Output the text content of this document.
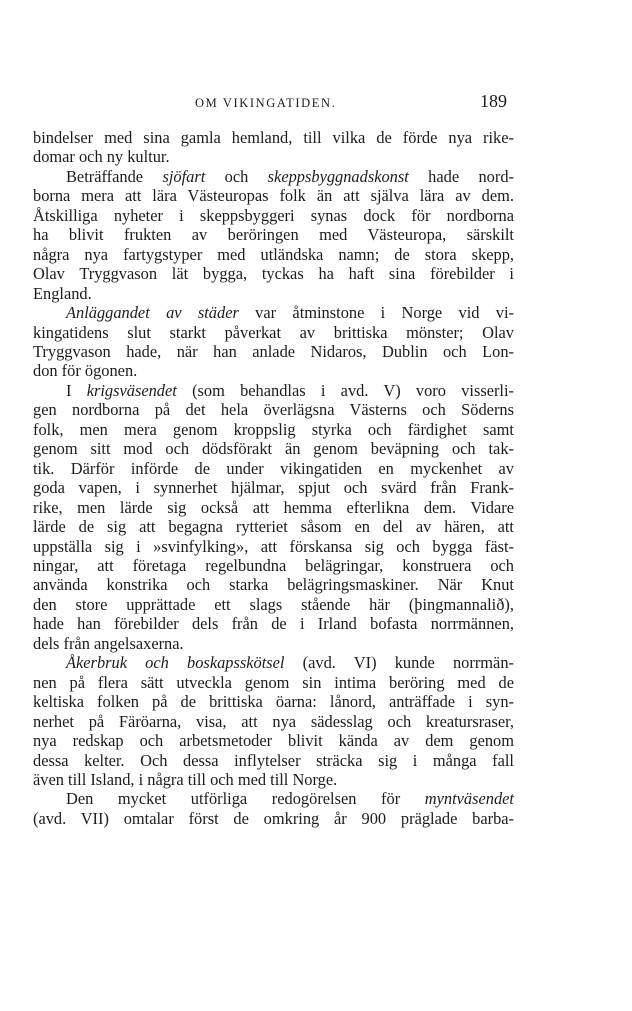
OM VIKINGATIDEN.	189
bindelser med sina gamla hemland, till vilka de förde nya rike-
domar och ny kultur.
Beträffande sjöfart och skeppsbyggnadskonst hade nord-
borna mera att lära Västeuropas folk än att själva lära av dem.
Åtskilliga nyheter i skeppsbyggeri synas dock för nordborna
ha blivit frukten av beröringen med Västeuropa, särskilt
några nya fartygstyper med utländska namn; de stora skepp,
Olav Tryggvason lät bygga, tyckas ha haft sina förebilder i
England.
Anläggandet av städer var åtminstone i Norge vid vi-
kingatidens slut starkt påverkat av brittiska mönster; Olav
Tryggvason hade, när han anlade Nidaros, Dublin och Lon-
don för ögonen.
I krigsväsendet (som behandlas i avd. V) voro visserli-
gen nordborna på det hela överlägsna Västerns och Söderns
folk, men mera genom kroppslig styrka och färdighet samt
genom sitt mod och dödsförakt än genom beväpning och tak-
tik. Därför införde de under vikingatiden en myckenhet av
goda vapen, i synnerhet hjälmar, spjut och svärd från Frank-
rike, men lärde sig också att hemma efterlikna dem. Vidare
lärde de sig att begagna rytteriet såsom en del av hären, att
uppställa sig i »svinfylking», att förskansa sig och bygga fäst-
ningar, att företaga regelbundna belägringar, konstruera och
använda konstrika och starka belägringsmaskiner. När Knut
den store upprättade ett slags stående här (þingmannalið),
hade han förebilder dels från de i Irland bofasta norrmännen,
dels från angelsaxerna.
Åkerbruk och boskapsskötsel (avd. VI) kunde norrmän-
nen på flera sätt utveckla genom sin intima beröring med de
keltiska folken på de brittiska öarna: lånord, anträffade i syn-
nerhet på Färöarna, visa, att nya sädesslag och kreatursraser,
nya redskap och arbetsmetoder blivit kända av dem genom
dessa kelter. Och dessa inflytelser sträcka sig i många fall
även till Island, i några till och med till Norge.
Den mycket utförliga redogörelsen för myntväsendet
(avd. VII) omtalar först de omkring år 900 präglade barba-
